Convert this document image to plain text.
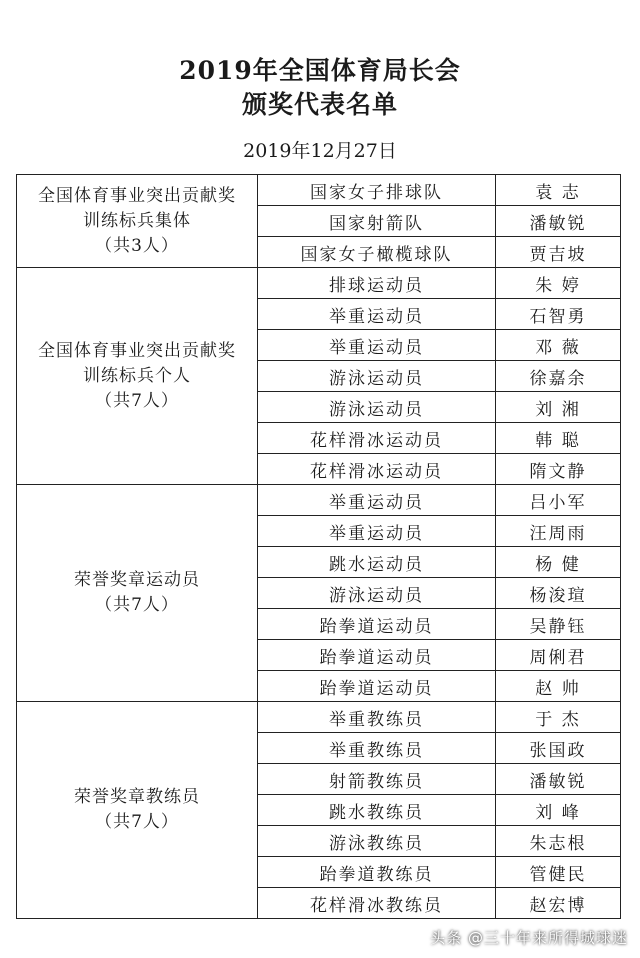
2019年全国体育局长会
颁奖代表名单
2019年12月27日
全国体育事业突出贡献奖
训练标兵集体
（共3人）	国家女子排球队	袁 志
	国家射箭队	潘敏锐
	国家女子橄榄球队	贾吉坡

全国体育事业突出贡献奖
训练标兵个人
（共7人）	排球运动员	朱 婷
	举重运动员	石智勇
	举重运动员	邓 薇
	游泳运动员	徐嘉余
	游泳运动员	刘 湘
	花样滑冰运动员	韩 聪
	花样滑冰运动员	隋文静

荣誉奖章运动员
（共7人）	举重运动员	吕小军
	举重运动员	汪周雨
	跳水运动员	杨 健
	游泳运动员	杨浚瑄
	跆拳道运动员	吴静钰
	跆拳道运动员	周俐君
	跆拳道运动员	赵 帅

荣誉奖章教练员
（共7人）	举重教练员	于 杰
	举重教练员	张国政
	射箭教练员	潘敏锐
	跳水教练员	刘 峰
	游泳教练员	朱志根
	跆拳道教练员	管健民
	花样滑冰教练员	赵宏博
头条 @三十年来所得城球迷
